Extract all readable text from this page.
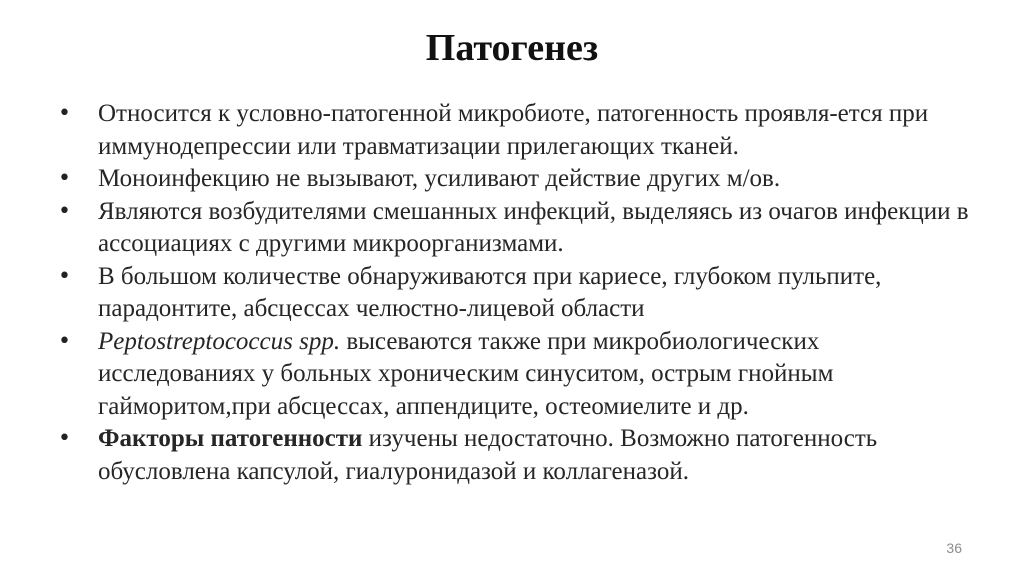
Патогенез
• Относится к условно-патогенной микробиоте, патогенность проявля-ется при иммунодепрессии или травматизации прилегающих тканей.
• Моноинфекцию не вызывают, усиливают действие других м/ов.
• Являются возбудителями смешанных инфекций, выделяясь из очагов инфекции в ассоциациях с другими микроорганизмами.
• В большом количестве обнаруживаются при кариесе, глубоком пульпите, парадонтите, абсцессах челюстно-лицевой области
• Peptostreptococcus spp. высеваются также при микробиологических исследованиях у больных хроническим синуситом, острым гнойным гайморитом,при абсцессах, аппендиците, остеомиелите и др.
• Факторы патогенности изучены недостаточно. Возможно патогенность обусловлена капсулой, гиалуронидазой и коллагеназой.
36
